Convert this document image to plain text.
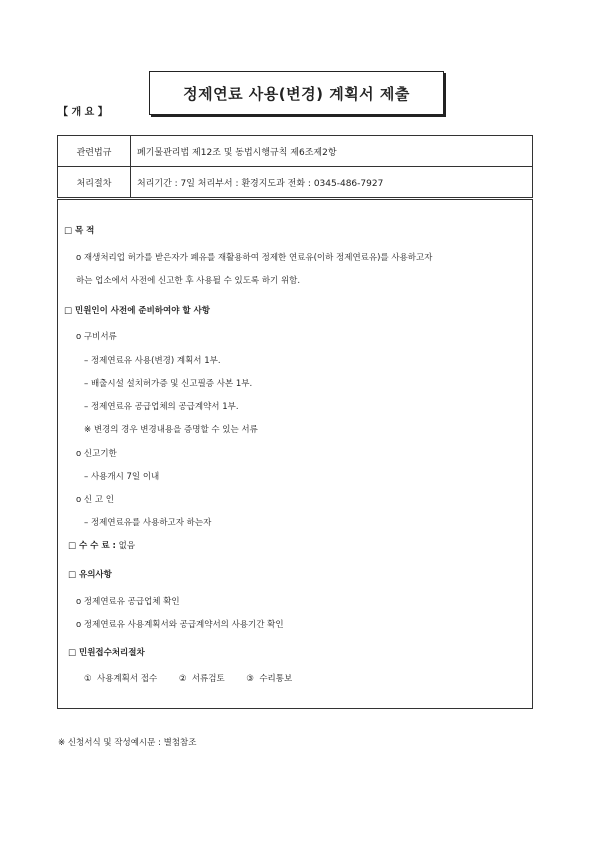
정제연료 사용(변경) 계획서 제출
【 개 요 】
관련법규	폐기물관리법 제12조 및 동법시행규칙 제6조제2항
처리절차	처리기간 : 7일 처리부서 : 환경지도과 전화 : 0345-486-7927
□ 목 적
o 재생처리업 허가를 받은자가 폐유를 재활용하여 정제한 연료유(이하 정제연료유)를 사용하고자
하는 업소에서 사전에 신고한 후 사용될 수 있도록 하기 위함.
□ 민원인이 사전에 준비하여야 할 사항
o 구비서류
– 정제연료유 사용(변경) 계획서 1부.
– 배출시설 설치허가증 및 신고필증 사본 1부.
– 정제연료유 공급업체의 공급계약서 1부.
※ 변경의 경우 변경내용을 증명할 수 있는 서류
o 신고기한
– 사용개시 7일 이내
o 신 고 인
– 정제연료유를 사용하고자 하는자
□ 수 수 료 : 없음
□ 유의사항
o 정제연료유 공급업체 확인
o 정제연료유 사용계획서와 공급계약서의 사용기간 확인
□ 민원접수처리절차
①  사용계획서 접수        ②  서류검토        ③  수리통보
※ 신청서식 및 작성예시문 : 별첨참조
